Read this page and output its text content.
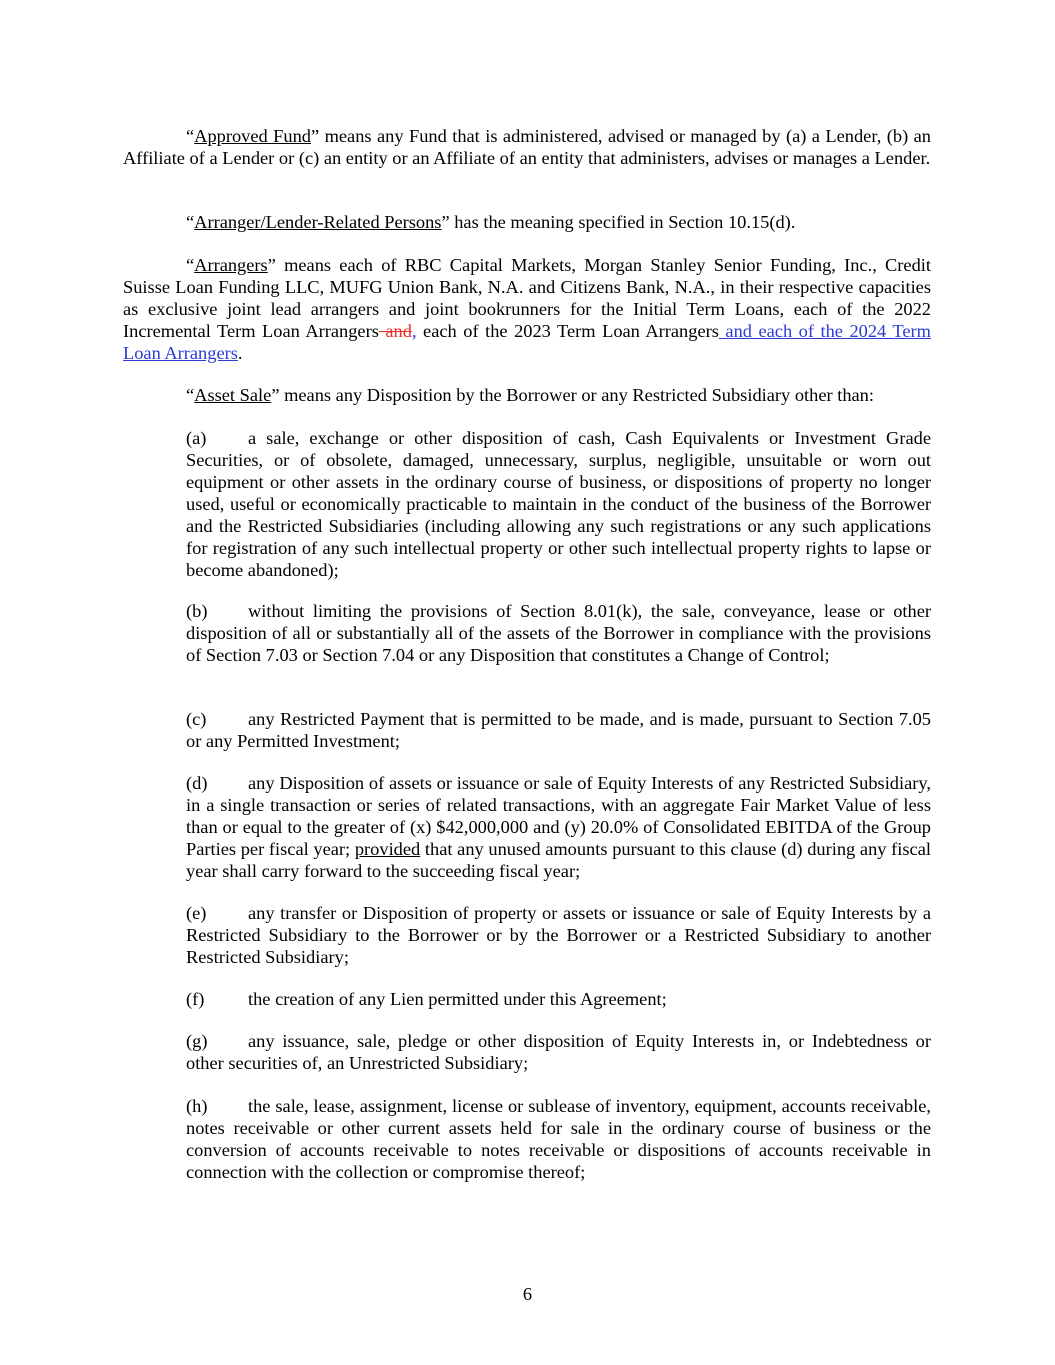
“Approved Fund” means any Fund that is administered, advised or managed by (a) a Lender, (b) an Affiliate of a Lender or (c) an entity or an Affiliate of an entity that administers, advises or manages a Lender.

“Arranger/Lender-Related Persons” has the meaning specified in Section 10.15(d).

“Arrangers” means each of RBC Capital Markets, Morgan Stanley Senior Funding, Inc., Credit Suisse Loan Funding LLC, MUFG Union Bank, N.A. and Citizens Bank, N.A., in their respective capacities as exclusive joint lead arrangers and joint bookrunners for the Initial Term Loans, each of the 2022 Incremental Term Loan Arrangers and, each of the 2023 Term Loan Arrangers and each of the 2024 Term Loan Arrangers.

“Asset Sale” means any Disposition by the Borrower or any Restricted Subsidiary other than:

(a) a sale, exchange or other disposition of cash, Cash Equivalents or Investment Grade Securities, or of obsolete, damaged, unnecessary, surplus, negligible, unsuitable or worn out equipment or other assets in the ordinary course of business, or dispositions of property no longer used, useful or economically practicable to maintain in the conduct of the business of the Borrower and the Restricted Subsidiaries (including allowing any such registrations or any such applications for registration of any such intellectual property or other such intellectual property rights to lapse or become abandoned);

(b) without limiting the provisions of Section 8.01(k), the sale, conveyance, lease or other disposition of all or substantially all of the assets of the Borrower in compliance with the provisions of Section 7.03 or Section 7.04 or any Disposition that constitutes a Change of Control;

(c) any Restricted Payment that is permitted to be made, and is made, pursuant to Section 7.05 or any Permitted Investment;

(d) any Disposition of assets or issuance or sale of Equity Interests of any Restricted Subsidiary, in a single transaction or series of related transactions, with an aggregate Fair Market Value of less than or equal to the greater of (x) $42,000,000 and (y) 20.0% of Consolidated EBITDA of the Group Parties per fiscal year; provided that any unused amounts pursuant to this clause (d) during any fiscal year shall carry forward to the succeeding fiscal year;

(e) any transfer or Disposition of property or assets or issuance or sale of Equity Interests by a Restricted Subsidiary to the Borrower or by the Borrower or a Restricted Subsidiary to another Restricted Subsidiary;

(f) the creation of any Lien permitted under this Agreement;

(g) any issuance, sale, pledge or other disposition of Equity Interests in, or Indebtedness or other securities of, an Unrestricted Subsidiary;

(h) the sale, lease, assignment, license or sublease of inventory, equipment, accounts receivable, notes receivable or other current assets held for sale in the ordinary course of business or the conversion of accounts receivable to notes receivable or dispositions of accounts receivable in connection with the collection or compromise thereof;

6
